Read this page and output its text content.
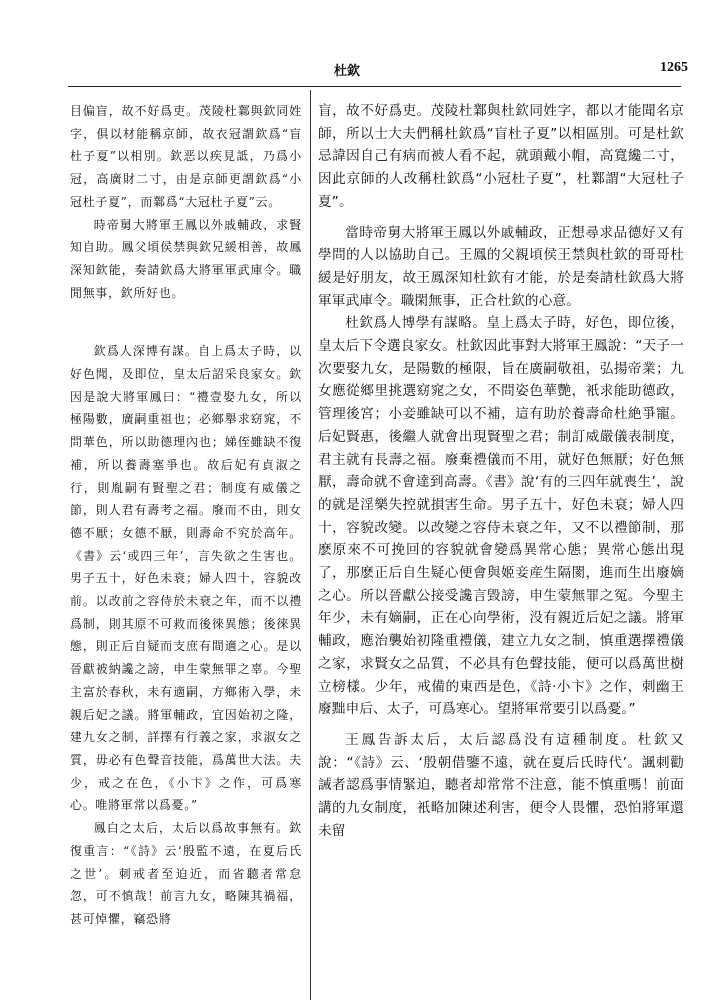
杜欽	1265

目偏盲，故不好爲吏。茂陵杜鄴與欽同姓字，俱以材能稱京師，故衣冠謂欽爲“盲杜子夏”以相別。欽恶以疾見詆，乃爲小冠，高廣財二寸，由是京師更謂欽爲“小冠杜子夏”，而鄴爲“大冠杜子夏”云。

時帝舅大將軍王鳳以外戚輔政，求賢知自助。鳳父頃侯禁與欽兄緩相善，故鳳深知欽能，奏請欽爲大將軍軍武庫令。職閒無事，欽所好也。

欽爲人深博有謀。自上爲太子時，以好色聞，及即位，皇太后詔采良家女。欽因是說大將軍鳳曰：“禮壹娶九女，所以極陽數，廣嗣重祖也；必鄉舉求窈窕，不問華色，所以助德理內也；娣侄雖缺不復補，所以養壽塞爭也。故后妃有貞淑之行，則胤嗣有賢聖之君；制度有威儀之節，則人君有壽考之福。廢而不由，則女德不厭；女德不厭，則壽命不究於高年。《書》云‘或四三年’，言失欲之生害也。男子五十，好色未衰；婦人四十，容貌改前。以改前之容侍於未衰之年，而不以禮爲制，則其原不可救而後徠異態；後徠異態，則正后自疑而支庶有間適之心。是以晉獻被納讒之謗，申生蒙無罪之辜。今聖主富於春秋，未有適嗣，方鄉術入學，未親后妃之議。將軍輔政，宜因始初之隆，建九女之制，詳擇有行義之家，求淑女之質，毋必有色聲音技能，爲萬世大法。夫少，戒之在色，《小卞》之作，可爲寒心。唯將軍常以爲憂。”

鳳白之太后，太后以爲故事無有。欽復重言：“《詩》云‘殷監不遠，在夏后氏之世’。刺戒者至迫近，而省聽者常怠忽，可不慎哉！前言九女，略陳其禍福，甚可悼懼，竊恐將

盲，故不好爲吏。茂陵杜鄴與杜欽同姓字，都以才能聞名京師，所以士大夫們稱杜欽爲“盲杜子夏”以相區別。可是杜欽忌諱因自己有病而被人看不起，就頭戴小帽，高寬纔二寸，因此京師的人改稱杜欽爲“小冠杜子夏”，杜鄴謂“大冠杜子夏”。

當時帝舅大將軍王鳳以外戚輔政，正想尋求品德好又有學問的人以協助自己。王鳳的父親頃侯王禁與杜欽的哥哥杜緩是好朋友，故王鳳深知杜欽有才能，於是奏請杜欽爲大將軍軍武庫令。職閑無事，正合杜欽的心意。

杜欽爲人博學有謀略。皇上爲太子時，好色，即位後，皇太后下令選良家女。杜欽因此事對大將軍王鳳說：“天子一次要娶九女，是陽數的極限，旨在廣嗣敬祖，弘揚帝業；九女應從鄉里挑選窈窕之女，不問姿色華艷，衹求能助德政，管理後宮；小妾雖缺可以不補，這有助於養壽命杜絶爭寵。后妃賢惠，後繼人就會出現賢聖之君；制訂威嚴儀表制度，君主就有長壽之福。廢棄禮儀而不用，就好色無厭；好色無厭，壽命就不會達到高壽。《書》說‘有的三四年就喪生’，說的就是淫樂失控就損害生命。男子五十，好色未衰；婦人四十，容貌改變。以改變之容侍未衰之年，又不以禮節制，那麽原來不可挽回的容貌就會變爲異常心態；異常心態出現了，那麽正后自生疑心便會與姬妾産生隔閡，進而生出廢嫡之心。所以晉獻公接受讒言毀謗，申生蒙無罪之冤。今聖主年少，未有嫡嗣，正在心向學術，没有親近后妃之議。將軍輔政，應治襲始初隆重禮儀，建立九女之制，慎重選擇禮儀之家，求賢女之品質，不必具有色聲技能，便可以爲萬世樹立榜樣。少年，戒備的東西是色，《詩·小卞》之作，刺幽王廢黜申后、太子，可爲寒心。望將軍常要引以爲憂。”

王鳳告訴太后，太后認爲没有這種制度。杜欽又說：“《詩》云、‘殷朝借鑒不遠，就在夏后氏時代’。諷刺勸誡者認爲事情緊迫，聽者却常常不注意，能不慎重嗎！前面講的九女制度，衹略加陳述利害，便令人畏懼，恐怕將軍還未留
